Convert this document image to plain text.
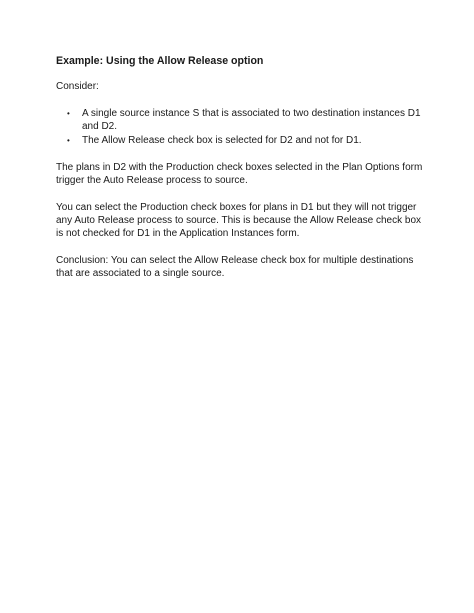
Example: Using the Allow Release option
Consider:
• A single source instance S that is associated to two destination instances D1 and D2.
• The Allow Release check box is selected for D2 and not for D1.
The plans in D2 with the Production check boxes selected in the Plan Options form trigger the Auto Release process to source.
You can select the Production check boxes for plans in D1 but they will not trigger any Auto Release process to source. This is because the Allow Release check box is not checked for D1 in the Application Instances form.
Conclusion: You can select the Allow Release check box for multiple destinations that are associated to a single source.
